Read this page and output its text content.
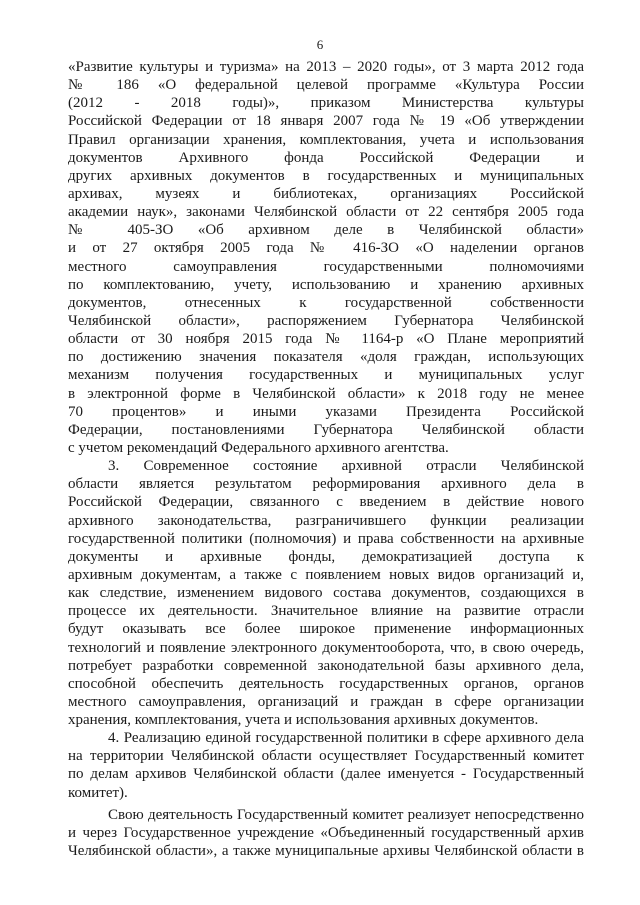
6
«Развитие культуры и туризма» на 2013 – 2020 годы», от 3 марта 2012 года
№ 186 «О федеральной целевой программе «Культура России
(2012 - 2018 годы)», приказом Министерства культуры
Российской Федерации от 18 января 2007 года № 19 «Об утверждении
Правил организации хранения, комплектования, учета и использования
документов Архивного фонда Российской Федерации и
других архивных документов в государственных и муниципальных
архивах, музеях и библиотеках, организациях Российской
академии наук», законами Челябинской области от 22 сентября 2005 года
№ 405-ЗО «Об архивном деле в Челябинской области»
и от 27 октября 2005 года № 416-ЗО «О наделении органов
местного самоуправления государственными полномочиями
по комплектованию, учету, использованию и хранению архивных
документов, отнесенных к государственной собственности
Челябинской области», распоряжением Губернатора Челябинской
области от 30 ноября 2015 года № 1164-р «О Плане мероприятий
по достижению значения показателя «доля граждан, использующих
механизм получения государственных и муниципальных услуг
в электронной форме в Челябинской области» к 2018 году не менее
70 процентов» и иными указами Президента Российской
Федерации, постановлениями Губернатора Челябинской области
с учетом рекомендаций Федерального архивного агентства.
3. Современное состояние архивной отрасли Челябинской
области является результатом реформирования архивного дела в
Российской Федерации, связанного с введением в действие нового
архивного законодательства, разграничившего функции реализации
государственной политики (полномочия) и права собственности на архивные
документы и архивные фонды, демократизацией доступа к
архивным документам, а также с появлением новых видов организаций и,
как следствие, изменением видового состава документов, создающихся в
процессе их деятельности. Значительное влияние на развитие отрасли
будут оказывать все более широкое применение информационных
технологий и появление электронного документооборота, что, в свою очередь,
потребует разработки современной законодательной базы архивного дела,
способной обеспечить деятельность государственных органов, органов
местного самоуправления, организаций и граждан в сфере организации
хранения, комплектования, учета и использования архивных документов.
4. Реализацию единой государственной политики в сфере архивного дела
на территории Челябинской области осуществляет Государственный комитет
по делам архивов Челябинской области (далее именуется - Государственный
комитет).
Свою деятельность Государственный комитет реализует непосредственно
и через Государственное учреждение «Объединенный государственный архив
Челябинской области», а также муниципальные архивы Челябинской области в
